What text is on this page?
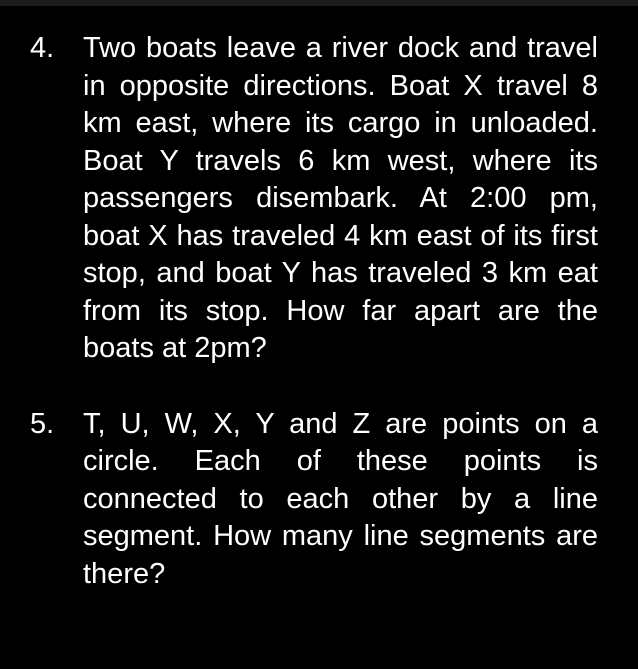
4. Two boats leave a river dock and travel in opposite directions. Boat X travel 8 km east, where its cargo in unloaded. Boat Y travels 6 km west, where its passengers disembark. At 2:00 pm, boat X has traveled 4 km east of its first stop, and boat Y has traveled 3 km eat from its stop. How far apart are the boats at 2pm?
5. T, U, W, X, Y and Z are points on a circle. Each of these points is connected to each other by a line segment. How many line segments are there?
